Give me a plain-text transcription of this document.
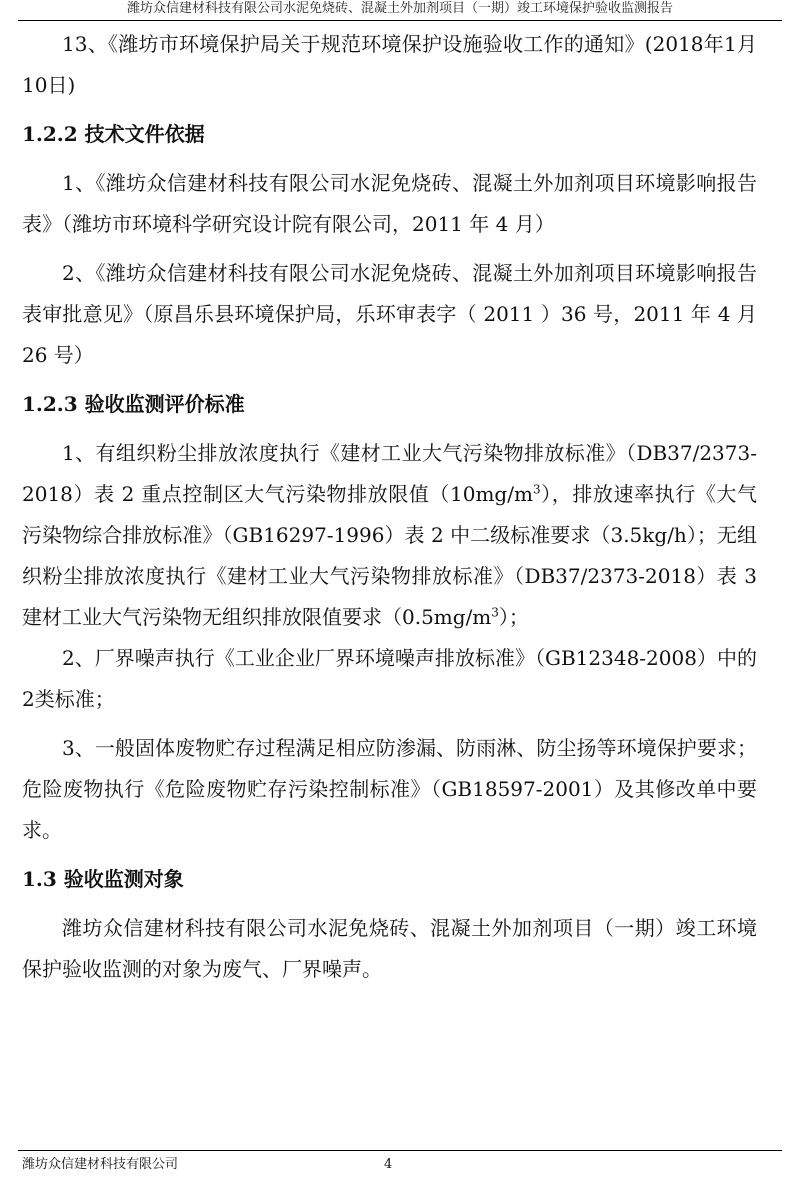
潍坊众信建材科技有限公司水泥免烧砖、混凝土外加剂项目（一期）竣工环境保护验收监测报告

13、《潍坊市环境保护局关于规范环境保护设施验收工作的通知》(2018年1月10日)

1.2.2 技术文件依据

1、《潍坊众信建材科技有限公司水泥免烧砖、混凝土外加剂项目环境影响报告表》（潍坊市环境科学研究设计院有限公司，2011 年 4 月）

2、《潍坊众信建材科技有限公司水泥免烧砖、混凝土外加剂项目环境影响报告表审批意见》（原昌乐县环境保护局，乐环审表字（ 2011 ）36 号，2011 年 4 月 26 号）

1.2.3 验收监测评价标准

1、有组织粉尘排放浓度执行《建材工业大气污染物排放标准》（DB37/2373-2018）表 2 重点控制区大气污染物排放限值$(10mg/m^3)$，排放速率执行《大气污染物综合排放标准》（GB16297-1996）表 2 中二级标准要求（3.5kg/h）；无组织粉尘排放浓度执行《建材工业大气污染物排放标准》（DB37/2373-2018）表 3 建材工业大气污染物无组织排放限值要求$(0.5mg/m^3)$；

2、厂界噪声执行《工业企业厂界环境噪声排放标准》（GB12348-2008）中的2类标准；

3、一般固体废物贮存过程满足相应防渗漏、防雨淋、防尘扬等环境保护要求；危险废物执行《危险废物贮存污染控制标准》（GB18597-2001）及其修改单中要求。

1.3 验收监测对象

潍坊众信建材科技有限公司水泥免烧砖、混凝土外加剂项目（一期）竣工环境保护验收监测的对象为废气、厂界噪声。

潍坊众信建材科技有限公司	4
